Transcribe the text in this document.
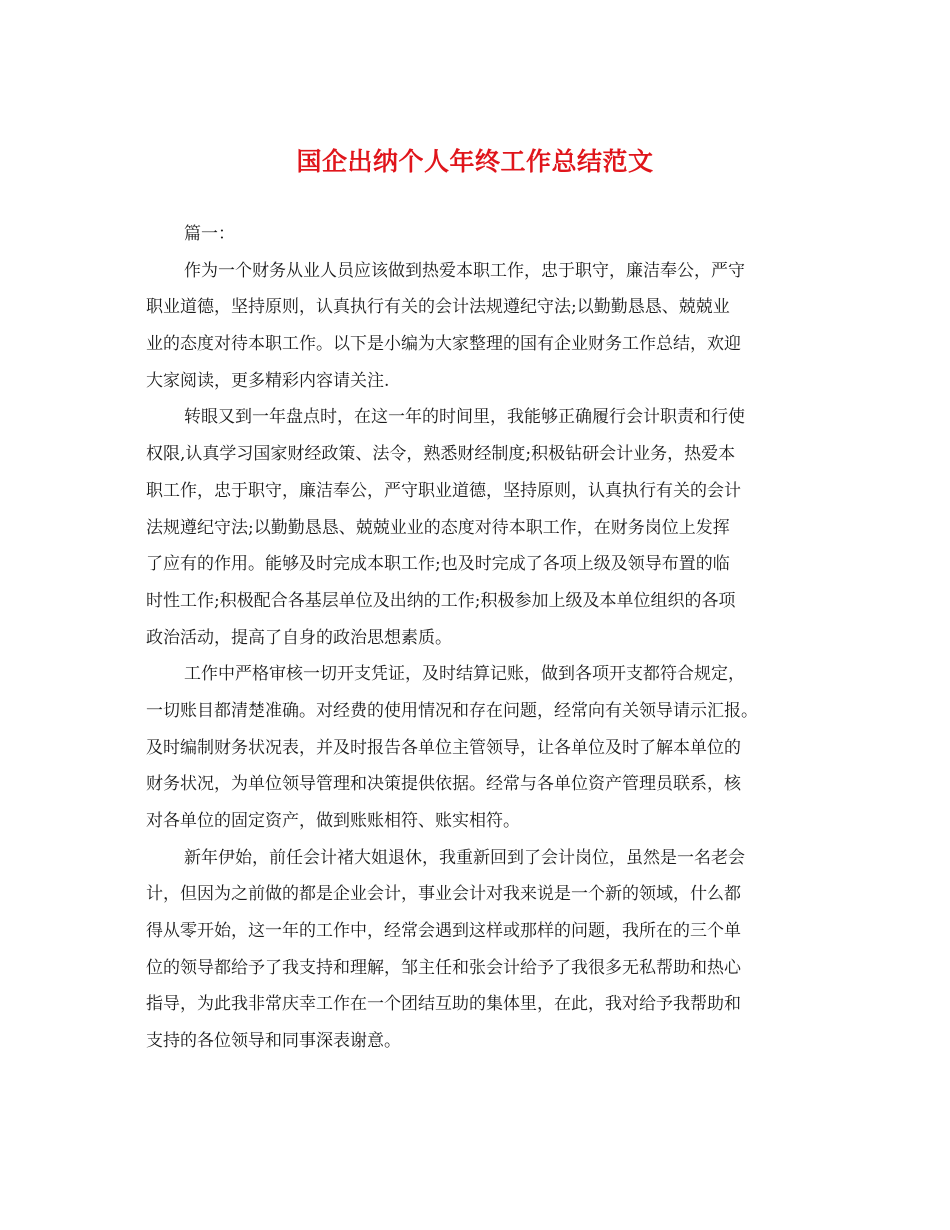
国企出纳个人年终工作总结范文
篇一：
作为一个财务从业人员应该做到热爱本职工作，忠于职守，廉洁奉公，严守
职业道德，坚持原则，认真执行有关的会计法规遵纪守法;以勤勤恳恳、兢兢业
业的态度对待本职工作。以下是小编为大家整理的国有企业财务工作总结，欢迎
大家阅读，更多精彩内容请关注.
转眼又到一年盘点时，在这一年的时间里，我能够正确履行会计职责和行使
权限,认真学习国家财经政策、法令，熟悉财经制度;积极钻研会计业务，热爱本
职工作，忠于职守，廉洁奉公，严守职业道德，坚持原则，认真执行有关的会计
法规遵纪守法;以勤勤恳恳、兢兢业业的态度对待本职工作，在财务岗位上发挥
了应有的作用。能够及时完成本职工作;也及时完成了各项上级及领导布置的临
时性工作;积极配合各基层单位及出纳的工作;积极参加上级及本单位组织的各项
政治活动，提高了自身的政治思想素质。
工作中严格审核一切开支凭证，及时结算记账，做到各项开支都符合规定，
一切账目都清楚准确。对经费的使用情况和存在问题，经常向有关领导请示汇报。
及时编制财务状况表，并及时报告各单位主管领导，让各单位及时了解本单位的
财务状况，为单位领导管理和决策提供依据。经常与各单位资产管理员联系，核
对各单位的固定资产，做到账账相符、账实相符。
新年伊始，前任会计褚大姐退休，我重新回到了会计岗位，虽然是一名老会
计，但因为之前做的都是企业会计，事业会计对我来说是一个新的领域，什么都
得从零开始，这一年的工作中，经常会遇到这样或那样的问题，我所在的三个单
位的领导都给予了我支持和理解，邹主任和张会计给予了我很多无私帮助和热心
指导，为此我非常庆幸工作在一个团结互助的集体里，在此，我对给予我帮助和
支持的各位领导和同事深表谢意。
